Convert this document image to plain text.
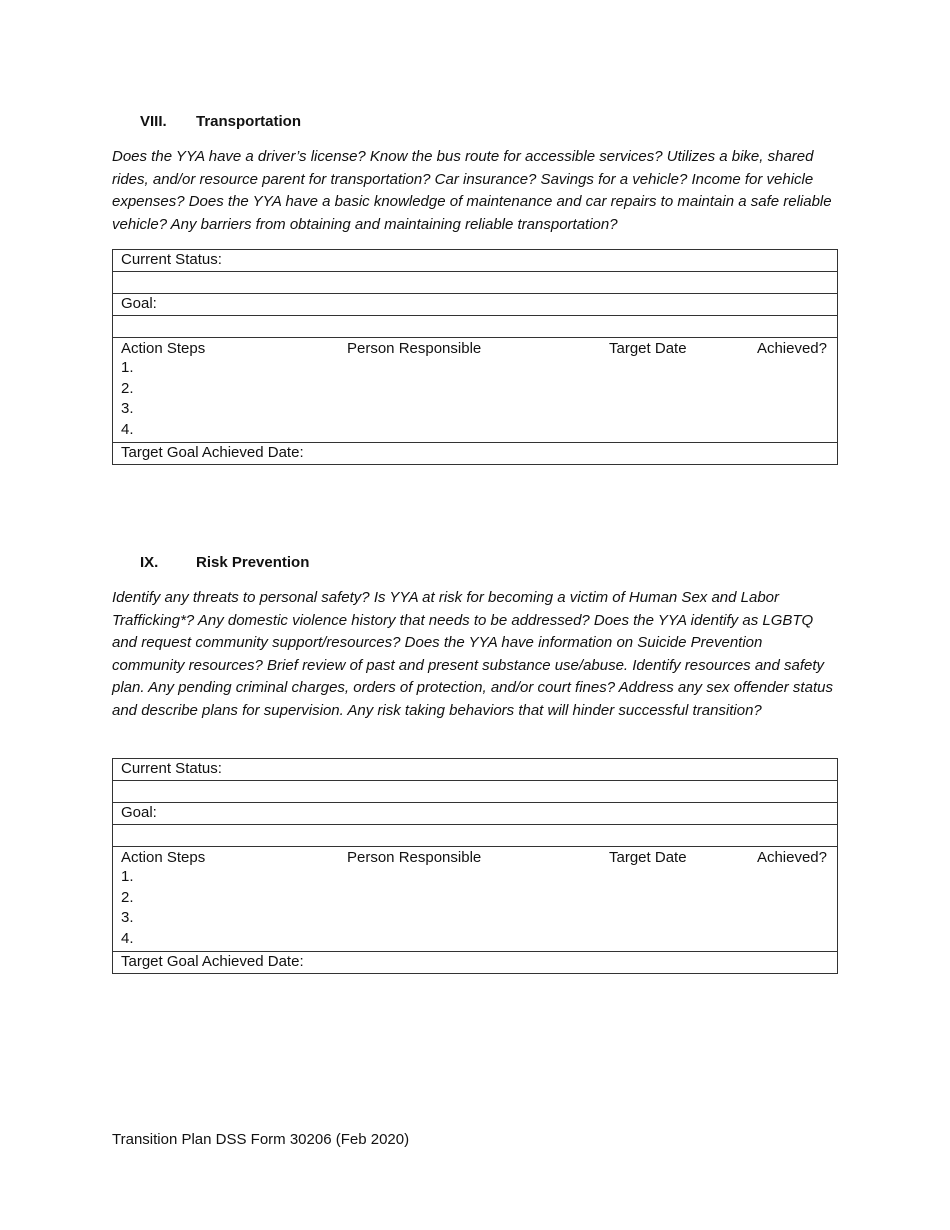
VIII. Transportation
Does the YYA have a driver’s license? Know the bus route for accessible services? Utilizes a bike, shared rides, and/or resource parent for transportation? Car insurance? Savings for a vehicle? Income for vehicle expenses? Does the YYA have a basic knowledge of maintenance and car repairs to maintain a safe reliable vehicle? Any barriers from obtaining and maintaining reliable transportation?
Current Status:
Goal:
Action Steps	Person Responsible	Target Date	Achieved?
1.
2.
3.
4.
Target Goal Achieved Date:
IX.	Risk Prevention
Identify any threats to personal safety? Is YYA at risk for becoming a victim of Human Sex and Labor Trafficking*? Any domestic violence history that needs to be addressed? Does the YYA identify as LGBTQ and request community support/resources? Does the YYA have information on Suicide Prevention community resources? Brief review of past and present substance use/abuse. Identify resources and safety plan. Any pending criminal charges, orders of protection, and/or court fines? Address any sex offender status and describe plans for supervision. Any risk taking behaviors that will hinder successful transition?
Current Status:
Goal:
Action Steps	Person Responsible	Target Date	Achieved?
1.
2.
3.
4.
Target Goal Achieved Date:
Transition Plan DSS Form 30206 (Feb 2020)
